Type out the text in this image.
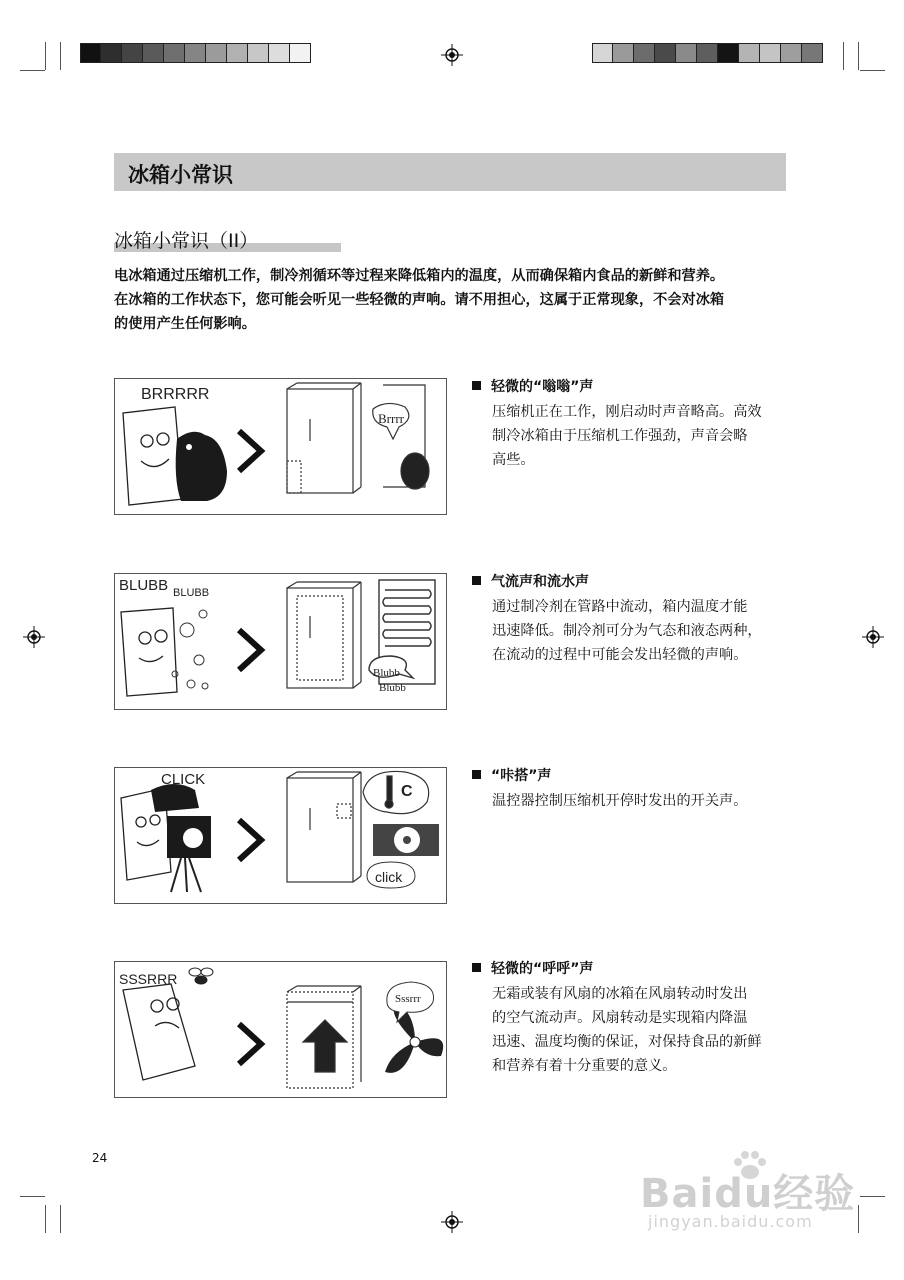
冰箱小常识
冰箱小常识（II）

电冰箱通过压缩机工作，制冷剂循环等过程来降低箱内的温度，从而确保箱内食品的新鲜和营养。

在冰箱的工作状态下，您可能会听见一些轻微的声响。请不用担心，这属于正常现象，不会对冰箱

的使用产生任何影响。

BRRRRR
Brrrr
轻微的“嗡嗡”声

压缩机正在工作，刚启动时声音略高。高效

制冷冰箱由于压缩机工作强劲，声音会略

高些。

BLUBB BLUBB
Blubb
Blubb
气流声和流水声

通过制冷剂在管路中流动，箱内温度才能

迅速降低。制冷剂可分为气态和液态两种，

在流动的过程中可能会发出轻微的声响。

CLICK
C
click
“咔搭”声

温控器控制压缩机开停时发出的开关声。

SSSRRR
Sssrrr
轻微的“呼呼”声

无霜或装有风扇的冰箱在风扇转动时发出

的空气流动声。风扇转动是实现箱内降温

迅速、温度均衡的保证，对保持食品的新鲜

和营养有着十分重要的意义。

24
Baidu经验
jingyan.baidu.com
